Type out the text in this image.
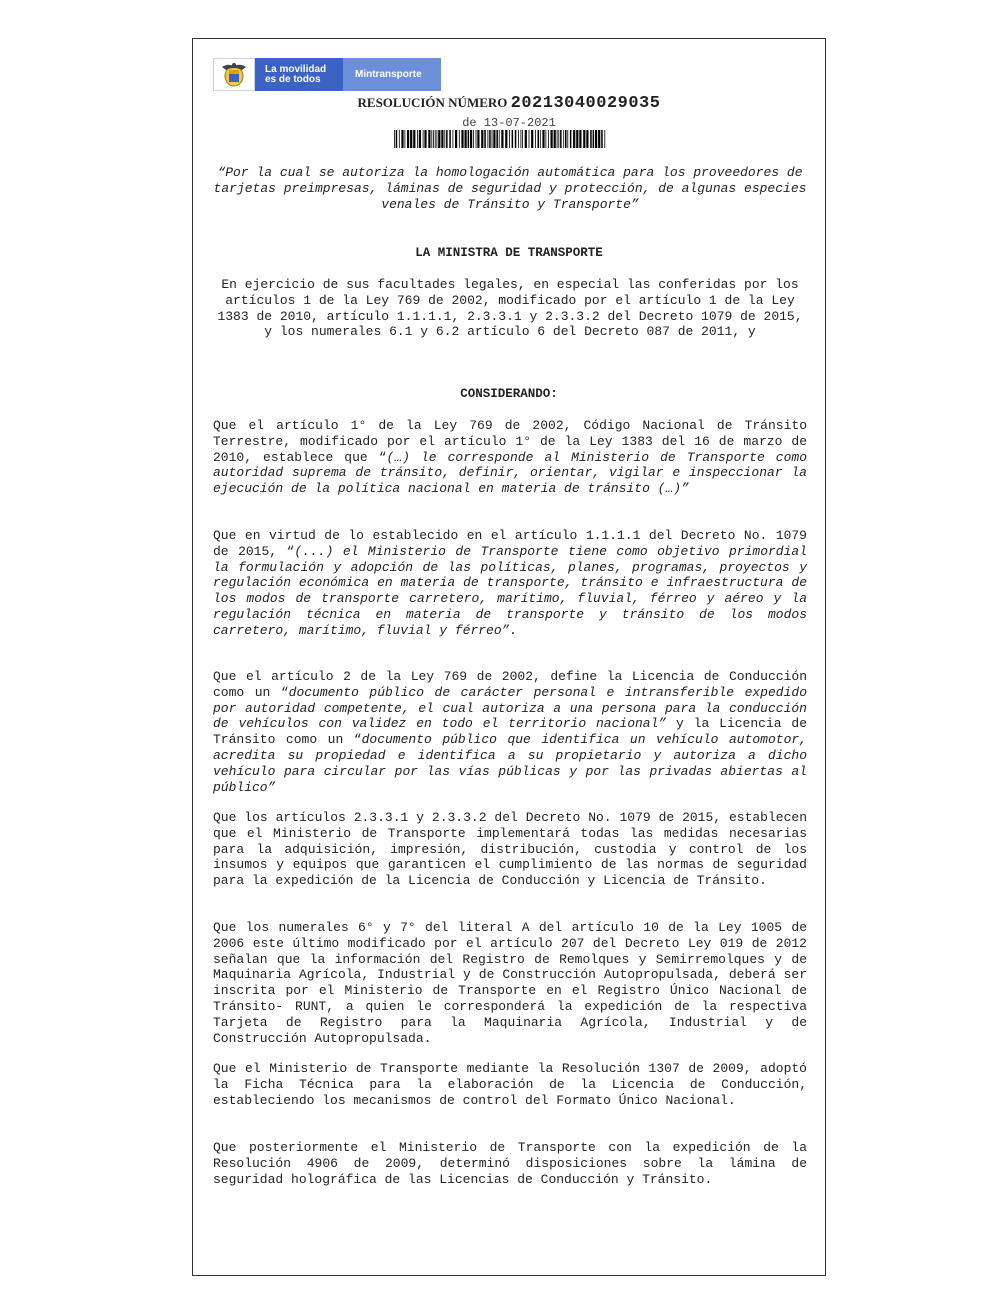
La movilidad
es de todos	Mintransporte
RESOLUCIÓN NÚMERO 20213040029035
de 13-07-2021
“Por la cual se autoriza la homologación automática para los proveedores de tarjetas preimpresas, láminas de seguridad y protección, de algunas especies venales de Tránsito y Transporte”
LA MINISTRA DE TRANSPORTE
En ejercicio de sus facultades legales, en especial las conferidas por los artículos 1 de la Ley 769 de 2002, modificado por el artículo 1 de la Ley 1383 de 2010, artículo 1.1.1.1, 2.3.3.1 y 2.3.3.2 del Decreto 1079 de 2015, y los numerales 6.1 y 6.2 artículo 6 del Decreto 087 de 2011, y
CONSIDERANDO:
Que el artículo 1° de la Ley 769 de 2002, Código Nacional de Tránsito Terrestre, modificado por el artículo 1° de la Ley 1383 del 16 de marzo de 2010, establece que “(…) le corresponde al Ministerio de Transporte como autoridad suprema de tránsito, definir, orientar, vigilar e inspeccionar la ejecución de la política nacional en materia de tránsito (…)”
Que en virtud de lo establecido en el artículo 1.1.1.1 del Decreto No. 1079 de 2015, “(...) el Ministerio de Transporte tiene como objetivo primordial la formulación y adopción de las políticas, planes, programas, proyectos y regulación económica en materia de transporte, tránsito e infraestructura de los modos de transporte carretero, marítimo, fluvial, férreo y aéreo y la regulación técnica en materia de transporte y tránsito de los modos carretero, marítimo, fluvial y férreo”.
Que el artículo 2 de la Ley 769 de 2002, define la Licencia de Conducción como un “documento público de carácter personal e intransferible expedido por autoridad competente, el cual autoriza a una persona para la conducción de vehículos con validez en todo el territorio nacional” y la Licencia de Tránsito como un “documento público que identifica un vehículo automotor, acredita su propiedad e identifica a su propietario y autoriza a dicho vehículo para circular por las vías públicas y por las privadas abiertas al público”
Que los artículos 2.3.3.1 y 2.3.3.2 del Decreto No. 1079 de 2015, establecen que el Ministerio de Transporte implementará todas las medidas necesarias para la adquisición, impresión, distribución, custodia y control de los insumos y equipos que garanticen el cumplimiento de las normas de seguridad para la expedición de la Licencia de Conducción y Licencia de Tránsito.
Que los numerales 6° y 7° del literal A del artículo 10 de la Ley 1005 de 2006 este último modificado por el artículo 207 del Decreto Ley 019 de 2012 señalan que la información del Registro de Remolques y Semirremolques y de Maquinaria Agrícola, Industrial y de Construcción Autopropulsada, deberá ser inscrita por el Ministerio de Transporte en el Registro Único Nacional de Tránsito- RUNT, a quien le corresponderá la expedición de la respectiva Tarjeta de Registro para la Maquinaria Agrícola, Industrial y de Construcción Autopropulsada.
Que el Ministerio de Transporte mediante la Resolución 1307 de 2009, adoptó la Ficha Técnica para la elaboración de la Licencia de Conducción, estableciendo los mecanismos de control del Formato Único Nacional.
Que posteriormente el Ministerio de Transporte con la expedición de la Resolución 4906 de 2009, determinó disposiciones sobre la lámina de seguridad holográfica de las Licencias de Conducción y Tránsito.
